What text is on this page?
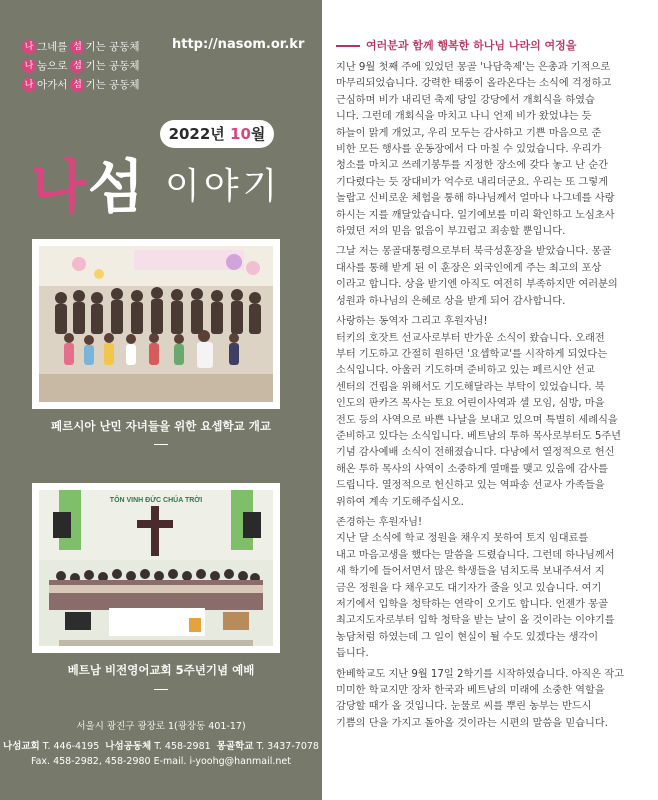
나 그네를 섬 기는 공동체
나 눔으로 섬 기는 공동체
나 아가서 섬 기는 공동체
http://nasom.or.kr
2022년 10월
나섬 이야기
페르시아 난민 자녀들을 위한 요셉학교 개교
TÔN VINH ĐỨC CHÚA TRỜI
베트남 비전영어교회 5주년기념 예배
서울시 광진구 광장로 1(광장동 401-17)
나섬교회 T. 446-4195 나섬공동체 T. 458-2981 몽골학교 T. 3437-7078
Fax. 458-2982, 458-2980 E-mail. i-yoohg@hanmail.net
여러분과 함께 행복한 하나님 나라의 여정을

지난 9월 첫째 주에 있었던 몽골 '나담축제'는 은총과 기적으로
마무리되었습니다. 강력한 태풍이 올라온다는 소식에 걱정하고
근심하며 비가 내리던 축제 당일 강당에서 개회식을 하였습
니다. 그런데 개회식을 마치고 나니 언제 비가 왔었냐는 듯
하늘이 맑게 개었고, 우리 모두는 감사하고 기쁜 마음으로 준
비한 모든 행사를 운동장에서 다 마칠 수 있었습니다. 우리가
청소를 마치고 쓰레기봉투를 지정한 장소에 갖다 놓고 난 순간
기다렸다는 듯 장대비가 억수로 내리더군요. 우리는 또 그렇게
놀랍고 신비로운 체험을 통해 하나님께서 얼마나 나그네를 사랑
하시는 지를 깨달았습니다. 일기예보를 미리 확인하고 노심초사
하였던 저의 믿음 없음이 부끄럽고 죄송할 뿐입니다.

그날 저는 몽골대통령으로부터 북극성훈장을 받았습니다. 몽골
대사를 통해 받게 된 이 훈장은 외국인에게 주는 최고의 포상
이라고 합니다. 상을 받기엔 아직도 여전히 부족하지만 여러분의
성원과 하나님의 은혜로 상을 받게 되어 감사합니다.

사랑하는 동역자 그리고 후원자님!
터키의 호잣트 선교사로부터 반가운 소식이 왔습니다. 오래전
부터 기도하고 간절히 원하던 '요셉학교'를 시작하게 되었다는
소식입니다. 아울러 기도하며 준비하고 있는 페르시안 선교
센터의 건립을 위해서도 기도해달라는 부탁이 있었습니다. 북
인도의 판카즈 목사는 토요 어린이사역과 셀 모임, 심방, 마을
전도 등의 사역으로 바쁜 나날을 보내고 있으며 특별히 세례식을
준비하고 있다는 소식입니다. 베트남의 투하 목사로부터도 5주년
기념 감사예배 소식이 전해졌습니다. 다낭에서 열정적으로 헌신
해온 투하 목사의 사역이 소중하게 열매를 맺고 있음에 감사를
드립니다. 열정적으로 헌신하고 있는 역파송 선교사 가족들을
위하여 계속 기도해주십시오.

존경하는 후원자님!
지난 달 소식에 학교 정원을 채우지 못하여 토지 임대료를
내고 마음고생을 했다는 말씀을 드렸습니다. 그런데 하나님께서
새 학기에 들어서면서 많은 학생들을 넘치도록 보내주셔서 지
금은 정원을 다 채우고도 대기자가 줄을 잇고 있습니다. 여기
저기에서 입학을 청탁하는 연락이 오기도 합니다. 언젠가 몽골
최고지도자로부터 입학 청탁을 받는 날이 올 것이라는 이야기를
농담처럼 하였는데 그 일이 현실이 될 수도 있겠다는 생각이
듭니다.

한베학교도 지난 9월 17일 2학기를 시작하였습니다. 아직은 작고
미미한 학교지만 장차 한국과 베트남의 미래에 소중한 역할을
감당할 때가 올 것입니다. 눈물로 씨를 뿌린 농부는 반드시
기쁨의 단을 가지고 돌아올 것이라는 시편의 말씀을 믿습니다.
